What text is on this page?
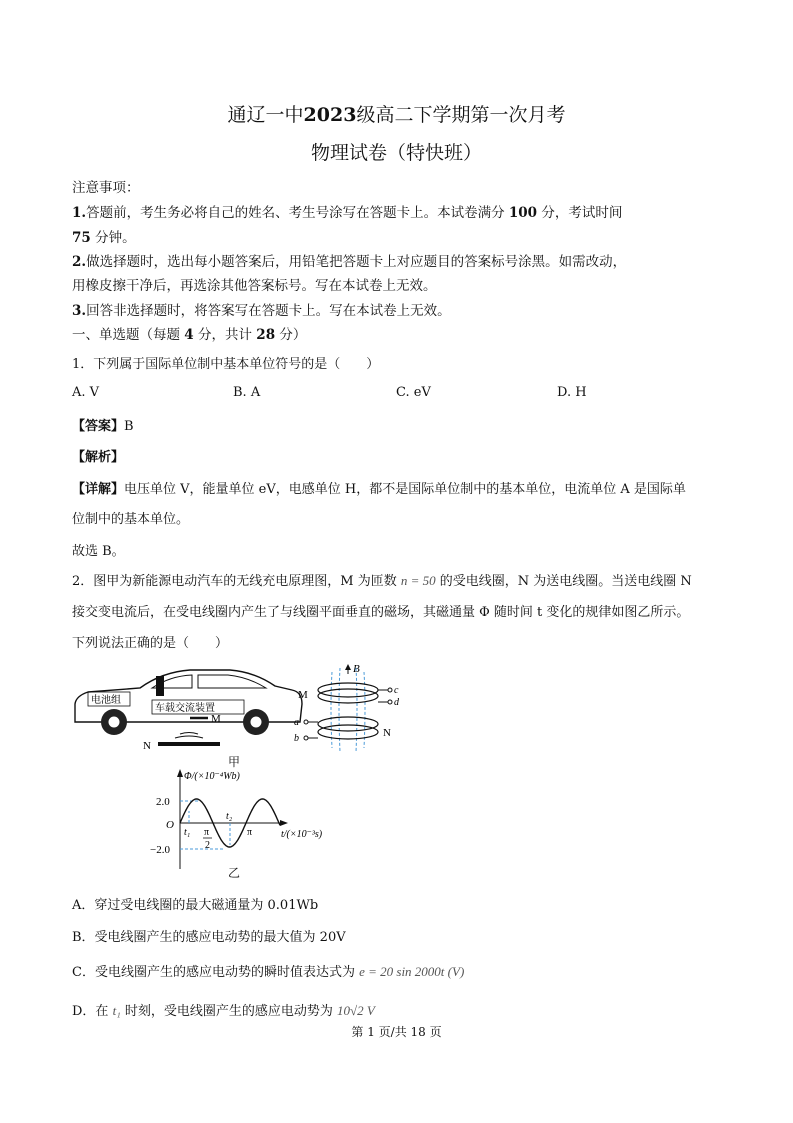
通辽一中2023级高二下学期第一次月考
物理试卷（特快班）
注意事项：
1.答题前，考生务必将自己的姓名、考生号涂写在答题卡上。本试卷满分 100 分，考试时间
75 分钟。
2.做选择题时，选出每小题答案后，用铅笔把答题卡上对应题目的答案标号涂黑。如需改动，
用橡皮擦干净后，再选涂其他答案标号。写在本试卷上无效。
3.回答非选择题时，将答案写在答题卡上。写在本试卷上无效。
一、单选题（每题 4 分，共计 28 分）
1．下列属于国际单位制中基本单位符号的是（　　）
A. V	B. A	C. eV	D. H
【答案】B
【解析】
【详解】电压单位 V，能量单位 eV，电感单位 H，都不是国际单位制中的基本单位，电流单位 A 是国际单
位制中的基本单位。
故选 B。
2．图甲为新能源电动汽车的无线充电原理图，M 为匝数 n = 50 的受电线圈，N 为送电线圈。当送电线圈 N
接交变电流后，在受电线圈内产生了与线圈平面垂直的磁场，其磁通量 Φ 随时间 t 变化的规律如图乙所示。
下列说法正确的是（　　）
电池组
车载交流装置
M
N
B
M	c
d
N
a
b
甲
Φ/(×10⁻⁴Wb)
t/(×10⁻³s)
2.0
−2.0
O
t₁ π
2
t₂
π
乙
A．穿过受电线圈的最大磁通量为 0.01Wb
B．受电线圈产生的感应电动势的最大值为 20V
C．受电线圈产生的感应电动势的瞬时值表达式为 e = 20 sin 2000t (V)
D．在 t₁ 时刻，受电线圈产生的感应电动势为 10√2 V
第 1 页/共 18 页
